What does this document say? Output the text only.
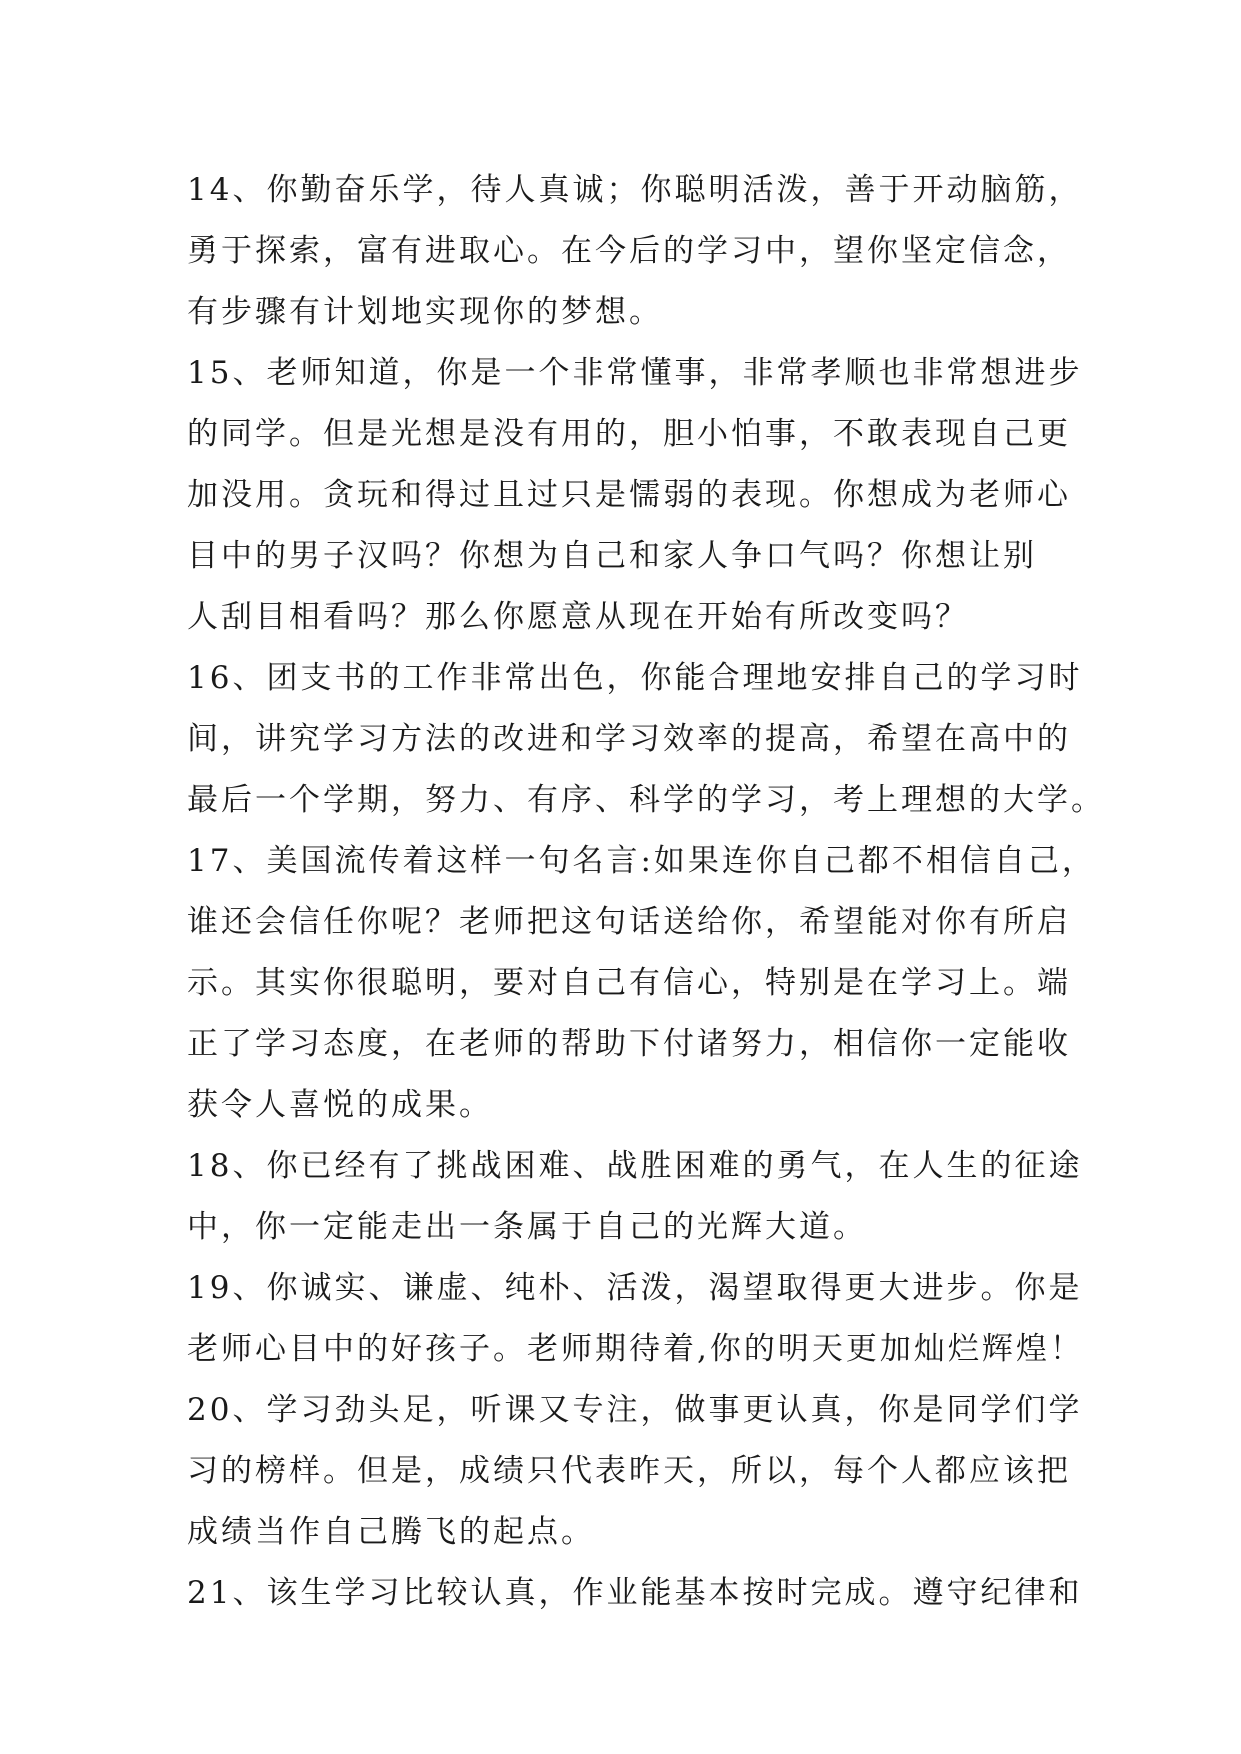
14、你勤奋乐学，待人真诚；你聪明活泼，善于开动脑筋，
勇于探索，富有进取心。在今后的学习中，望你坚定信念，
有步骤有计划地实现你的梦想。
15、老师知道，你是一个非常懂事，非常孝顺也非常想进步
的同学。但是光想是没有用的，胆小怕事，不敢表现自己更
加没用。贪玩和得过且过只是懦弱的表现。你想成为老师心
目中的男子汉吗？你想为自己和家人争口气吗？你想让别
人刮目相看吗？那么你愿意从现在开始有所改变吗？
16、团支书的工作非常出色，你能合理地安排自己的学习时
间，讲究学习方法的改进和学习效率的提高，希望在高中的
最后一个学期，努力、有序、科学的学习，考上理想的大学。
17、美国流传着这样一句名言:如果连你自己都不相信自己，
谁还会信任你呢？老师把这句话送给你，希望能对你有所启
示。其实你很聪明，要对自己有信心，特别是在学习上。端
正了学习态度，在老师的帮助下付诸努力，相信你一定能收
获令人喜悦的成果。
18、你已经有了挑战困难、战胜困难的勇气，在人生的征途
中，你一定能走出一条属于自己的光辉大道。
19、你诚实、谦虚、纯朴、活泼，渴望取得更大进步。你是
老师心目中的好孩子。老师期待着,你的明天更加灿烂辉煌！
20、学习劲头足，听课又专注，做事更认真，你是同学们学
习的榜样。但是，成绩只代表昨天，所以，每个人都应该把
成绩当作自己腾飞的起点。
21、该生学习比较认真，作业能基本按时完成。遵守纪律和
